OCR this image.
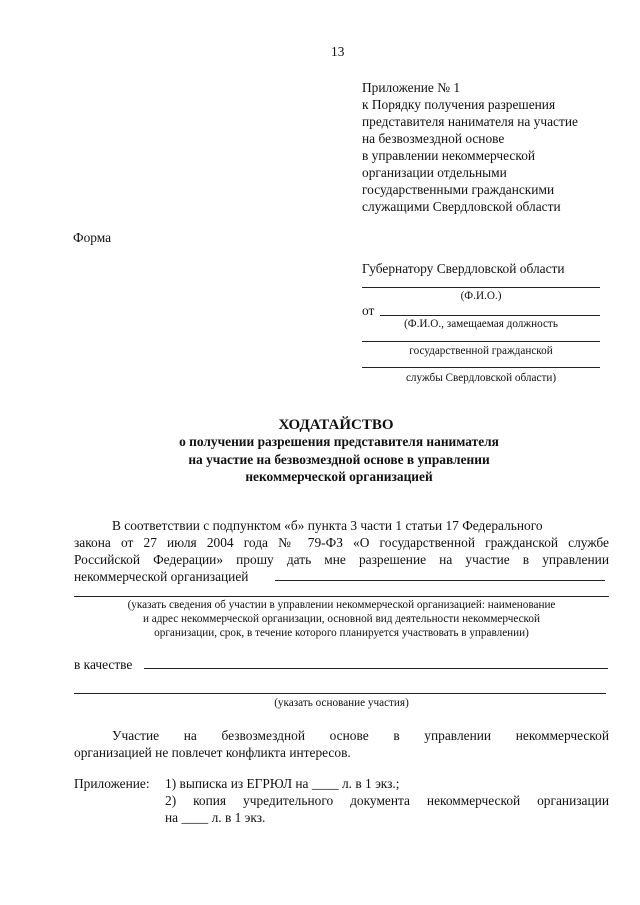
13
Приложение № 1
к Порядку получения разрешения
представителя нанимателя на участие
на безвозмездной основе
в управлении некоммерческой
организации отдельными
государственными гражданскими
служащими Свердловской области
Форма
Губернатору Свердловской области
(Ф.И.О.)
от
(Ф.И.О., замещаемая должность
государственной гражданской
службы Свердловской области)
ХОДАТАЙСТВО
о получении разрешения представителя нанимателя
на участие на безвозмездной основе в управлении
некоммерческой организацией
В соответствии с подпунктом «б» пункта 3 части 1 статьи 17 Федерального
закона от 27 июля 2004 года № 79-ФЗ «О государственной гражданской службе
Российской Федерации» прошу дать мне разрешение на участие в управлении
некоммерческой организацией
(указать сведения об участии в управлении некоммерческой организацией: наименование
и адрес некоммерческой организации, основной вид деятельности некоммерческой
организации, срок, в течение которого планируется участвовать в управлении)
в качестве
(указать основание участия)
Участие на безвозмездной основе в управлении некоммерческой
организацией не повлечет конфликта интересов.
Приложение: 1) выписка из ЕГРЮЛ на ____ л. в 1 экз.;
2) копия учредительного документа некоммерческой организации
на ____ л. в 1 экз.
